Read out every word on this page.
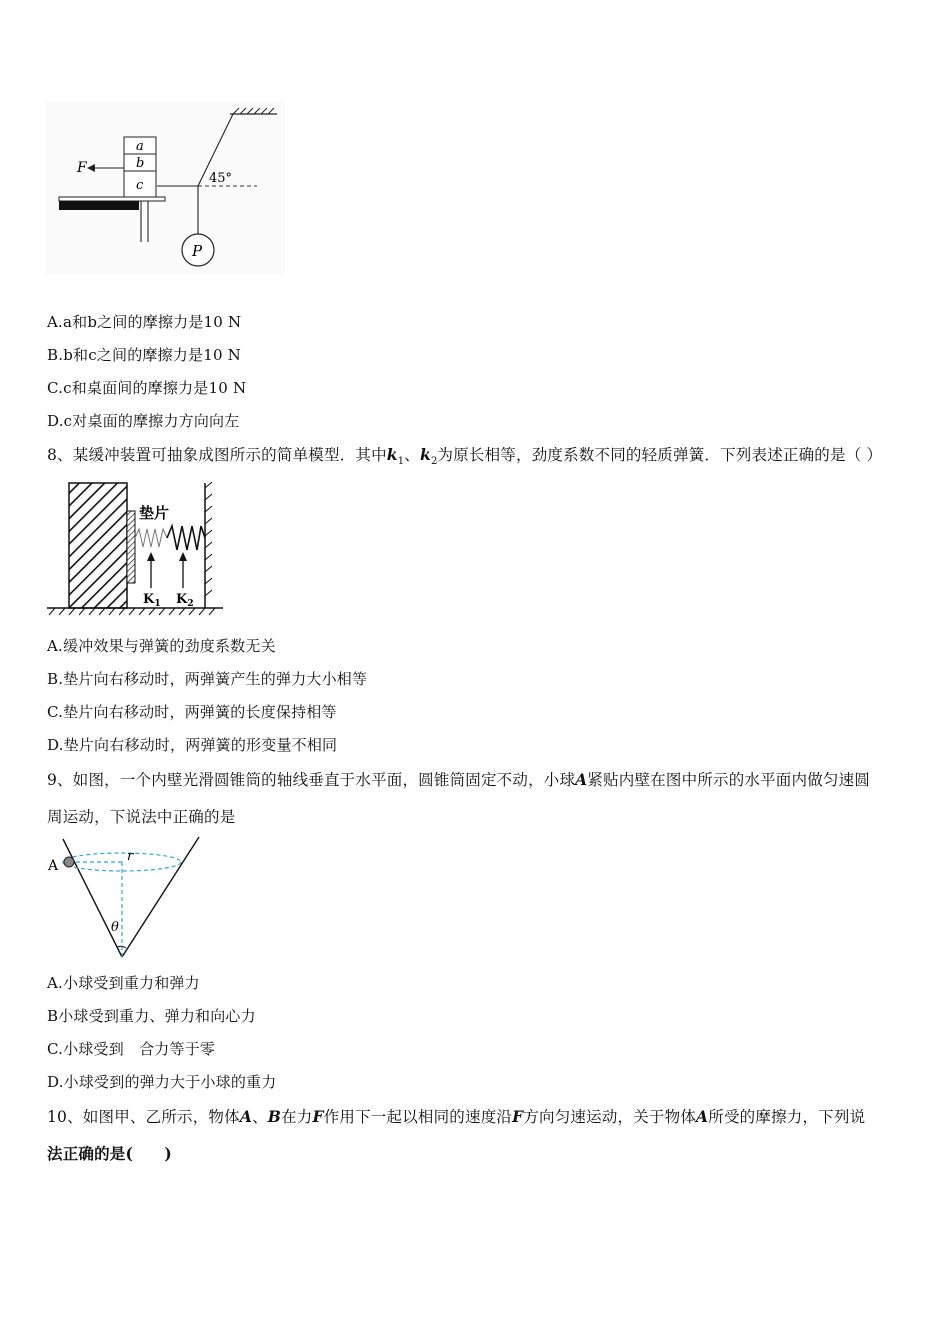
P
45°
a
b
c
F
A.a和b之间的摩擦力是10 N
B.b和c之间的摩擦力是10 N
C.c和桌面间的摩擦力是10 N
D.c对桌面的摩擦力方向向左
8、某缓冲装置可抽象成图所示的简单模型．其中$k_1$、$k_2$为原长相等，劲度系数不同的轻质弹簧．下列表述正确的是（ ）
垫片
$K_1$ $K_2$
A.缓冲效果与弹簧的劲度系数无关
B.垫片向右移动时，两弹簧产生的弹力大小相等
C.垫片向右移动时，两弹簧的长度保持相等
D.垫片向右移动时，两弹簧的形变量不相同
9、如图，一个内壁光滑圆锥筒的轴线垂直于水平面，圆锥筒固定不动，小球A紧贴内壁在图中所示的水平面内做匀速圆
周运动，下说法中正确的是
A
r
θ
A.小球受到重力和弹力
B小球受到重力、弹力和向心力
C.小球受到　合力等于零
D.小球受到的弹力大于小球的重力
10、如图甲、乙所示，物体A、B在力F作用下一起以相同的速度沿F方向匀速运动，关于物体A所受的摩擦力，下列说
法正确的是(　　)
